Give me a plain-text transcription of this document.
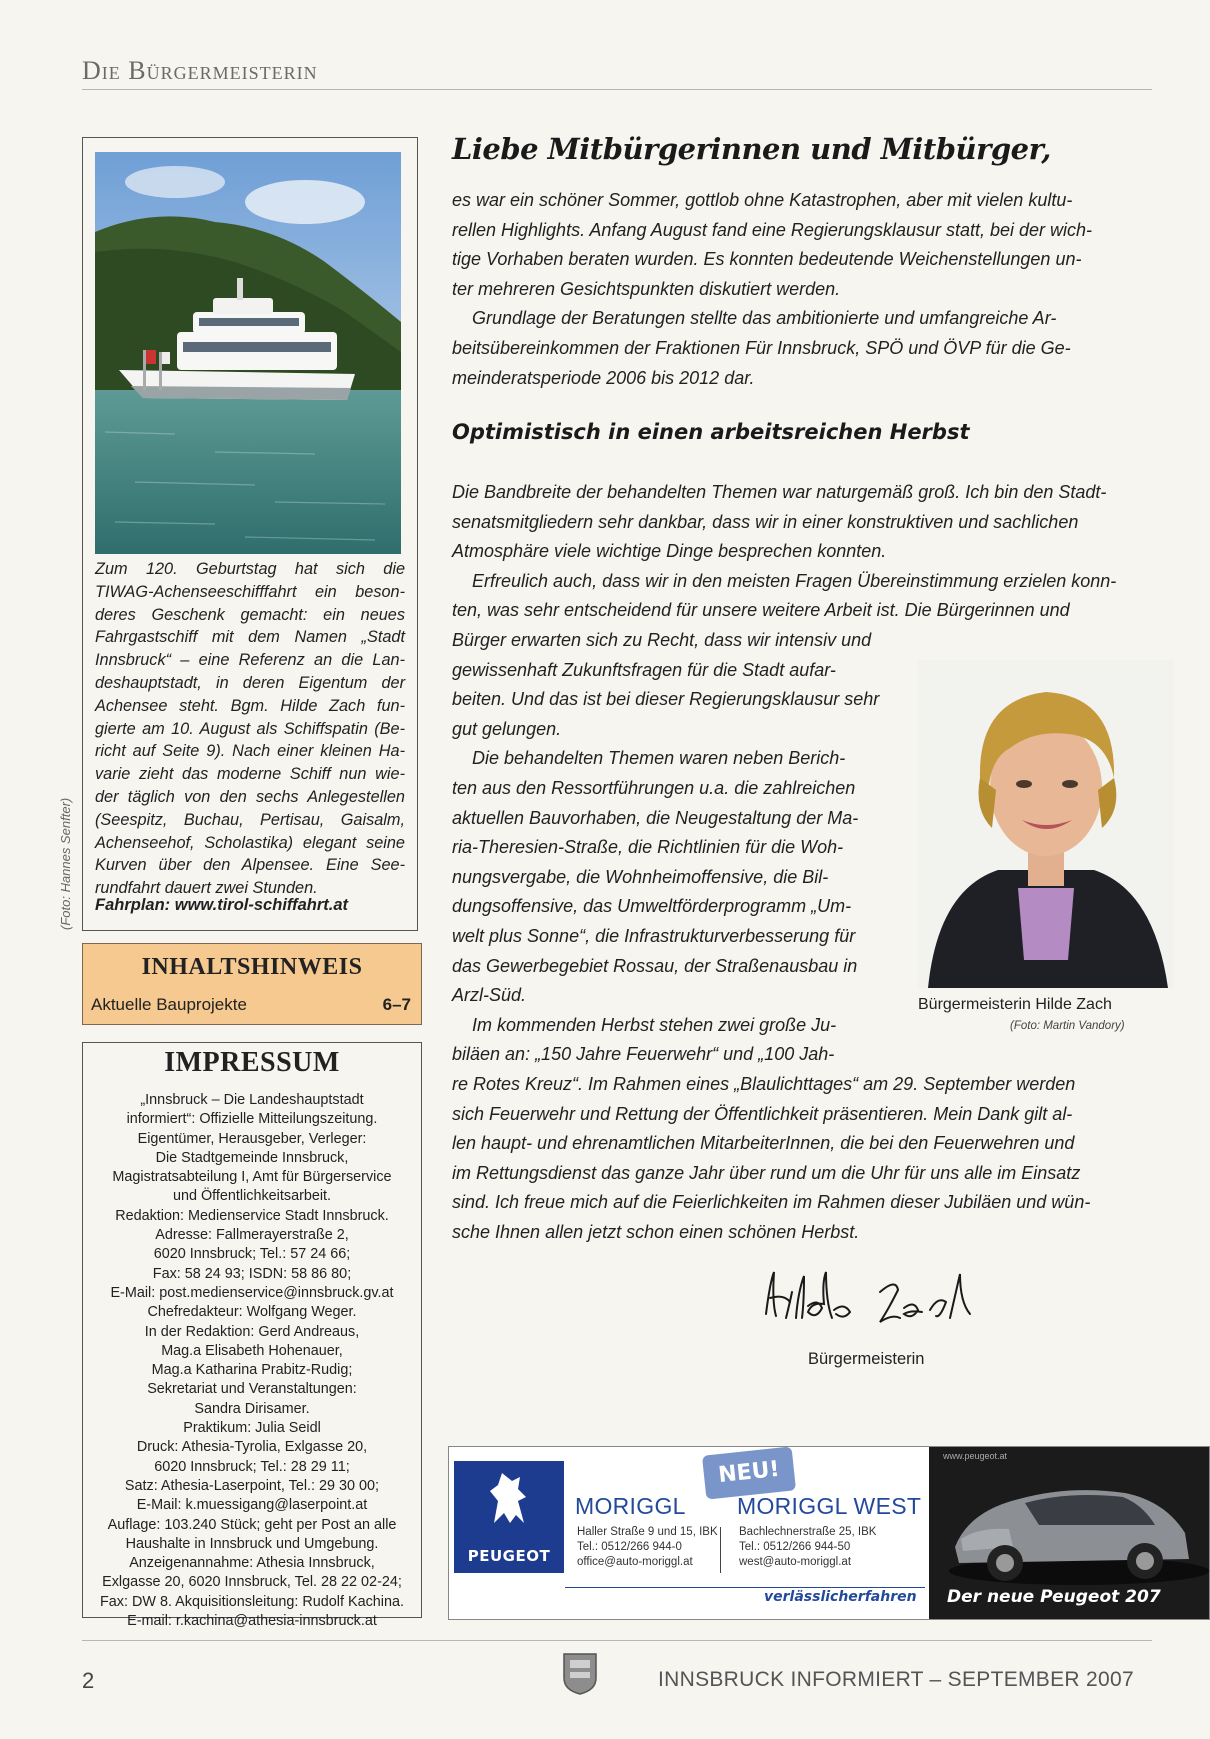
Die Bürgermeisterin
Zum 120. Geburtstag hat sich die
TIWAG-Achenseeschifffahrt ein beson-
deres Geschenk gemacht: ein neues
Fahrgastschiff mit dem Namen „Stadt
Innsbruck“ – eine Referenz an die Lan-
deshauptstadt, in deren Eigentum der
Achensee steht. Bgm. Hilde Zach fun-
gierte am 10. August als Schiffspatin (Be-
richt auf Seite 9). Nach einer kleinen Ha-
varie zieht das moderne Schiff nun wie-
der täglich von den sechs Anlegestellen
(Seespitz, Buchau, Pertisau, Gaisalm,
Achenseehof, Scholastika) elegant seine
Kurven über den Alpensee. Eine See-
rundfahrt dauert zwei Stunden.
Fahrplan: www.tirol-schiffahrt.at
(Foto: Hannes Senfter)
INHALTSHINWEIS
Aktuelle Bauprojekte	6–7
IMPRESSUM
„Innsbruck – Die Landeshauptstadt
informiert“: Offizielle Mitteilungszeitung.
Eigentümer, Herausgeber, Verleger:
Die Stadtgemeinde Innsbruck,
Magistratsabteilung I, Amt für Bürgerservice
und Öffentlichkeitsarbeit.
Redaktion: Medienservice Stadt Innsbruck.
Adresse: Fallmerayerstraße 2,
6020 Innsbruck; Tel.: 57 24 66;
Fax: 58 24 93; ISDN: 58 86 80;
E-Mail: post.medienservice@innsbruck.gv.at
Chefredakteur: Wolfgang Weger.
In der Redaktion: Gerd Andreaus,
Mag.a Elisabeth Hohenauer,
Mag.a Katharina Prabitz-Rudig;
Sekretariat und Veranstaltungen:
Sandra Dirisamer.
Praktikum: Julia Seidl
Druck: Athesia-Tyrolia, Exlgasse 20,
6020 Innsbruck; Tel.: 28 29 11;
Satz: Athesia-Laserpoint, Tel.: 29 30 00;
E-Mail: k.muessigang@laserpoint.at
Auflage: 103.240 Stück; geht per Post an alle
Haushalte in Innsbruck und Umgebung.
Anzeigenannahme: Athesia Innsbruck,
Exlgasse 20, 6020 Innsbruck, Tel. 28 22 02-24;
Fax: DW 8. Akquisitionsleitung: Rudolf Kachina.
E-mail: r.kachina@athesia-innsbruck.at
Liebe Mitbürgerinnen und Mitbürger,
es war ein schöner Sommer, gottlob ohne Katastrophen, aber mit vielen kultu-
rellen Highlights. Anfang August fand eine Regierungsklausur statt, bei der wich-
tige Vorhaben beraten wurden. Es konnten bedeutende Weichenstellungen un-
ter mehreren Gesichtspunkten diskutiert werden.
Grundlage der Beratungen stellte das ambitionierte und umfangreiche Ar-
beitsübereinkommen der Fraktionen Für Innsbruck, SPÖ und ÖVP für die Ge-
meinderatsperiode 2006 bis 2012 dar.
Optimistisch in einen arbeitsreichen Herbst
Die Bandbreite der behandelten Themen war naturgemäß groß. Ich bin den Stadt-
senatsmitgliedern sehr dankbar, dass wir in einer konstruktiven und sachlichen
Atmosphäre viele wichtige Dinge besprechen konnten.
Erfreulich auch, dass wir in den meisten Fragen Übereinstimmung erzielen konn-
ten, was sehr entscheidend für unsere weitere Arbeit ist. Die Bürgerinnen und
Bürger erwarten sich zu Recht, dass wir intensiv und
gewissenhaft Zukunftsfragen für die Stadt aufar-
beiten. Und das ist bei dieser Regierungsklausur sehr
gut gelungen.
Die behandelten Themen waren neben Berich-
ten aus den Ressortführungen u.a. die zahlreichen
aktuellen Bauvorhaben, die Neugestaltung der Ma-
ria-Theresien-Straße, die Richtlinien für die Woh-
nungsvergabe, die Wohnheimoffensive, die Bil-
dungsoffensive, das Umweltförderprogramm „Um-
welt plus Sonne“, die Infrastrukturverbesserung für
das Gewerbegebiet Rossau, der Straßenausbau in
Arzl-Süd.
Im kommenden Herbst stehen zwei große Ju-
biläen an: „150 Jahre Feuerwehr“ und „100 Jah-
re Rotes Kreuz“. Im Rahmen eines „Blaulichttages“ am 29. September werden
sich Feuerwehr und Rettung der Öffentlichkeit präsentieren. Mein Dank gilt al-
len haupt- und ehrenamtlichen MitarbeiterInnen, die bei den Feuerwehren und
im Rettungsdienst das ganze Jahr über rund um die Uhr für uns alle im Einsatz
sind. Ich freue mich auf die Feierlichkeiten im Rahmen dieser Jubiläen und wün-
sche Ihnen allen jetzt schon einen schönen Herbst.
Bürgermeisterin Hilde Zach
(Foto: Martin Vandory)
Bürgermeisterin
PEUGEOT
NEU!
MORIGGL
Haller Straße 9 und 15, IBK
Tel.: 0512/266 944-0
office@auto-moriggl.at
MORIGGL WEST
Bachlechnerstraße 25, IBK
Tel.: 0512/266 944-50
west@auto-moriggl.at
verlässlicherfahren
www.peugeot.at
Der neue Peugeot 207
2	INNSBRUCK INFORMIERT – SEPTEMBER 2007
